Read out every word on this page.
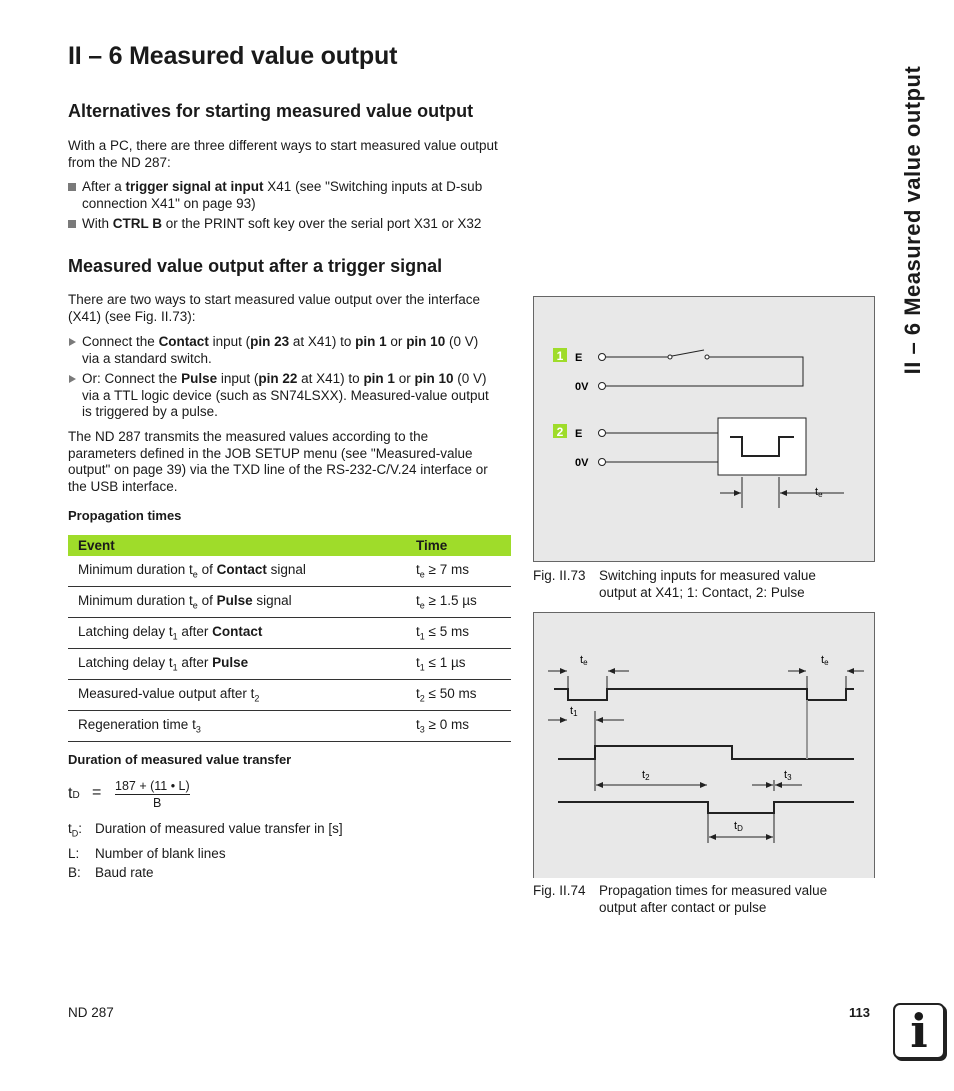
II – 6 Measured value output
II – 6 Measured value output
Alternatives for starting measured value output
With a PC, there are three different ways to start measured value output from the ND 287:
After a trigger signal at input X41 (see "Switching inputs at D-sub
connection X41" on page 93)
With CTRL B or the PRINT soft key over the serial port X31 or X32
Measured value output after a trigger signal
There are two ways to start measured value output over the interface
(X41) (see Fig. II.73):
Connect the Contact input (pin 23 at X41) to pin 1 or pin 10 (0 V)
via a standard switch.
Or: Connect the Pulse input (pin 22 at X41) to pin 1 or pin 10 (0 V)
via a TTL logic device (such as SN74LSXX). Measured-value output
is triggered by a pulse.
The ND 287 transmits the measured values according to the
parameters defined in the JOB SETUP menu (see "Measured-value
output" on page 39) via the TXD line of the RS-232-C/V.24 interface or
the USB interface.
Propagation times
Event	Time
Minimum duration $t_e$ of Contact signal	$t_e \ge 7$ ms
Minimum duration $t_e$ of Pulse signal	$t_e \ge 1.5$ µs
Latching delay $t_1$ after Contact	$t_1 \le 5$ ms
Latching delay $t_1$ after Pulse	$t_1 \le 1$ µs
Measured-value output after $t_2$	$t_2 \le 50$ ms
Regeneration time $t_3$	$t_3 \ge 0$ ms
Duration of measured value transfer
tD = 187 + (11 • L)
B
$t_D$: Duration of measured value transfer in [s]
L: Number of blank lines
B: Baud rate
1 E
0V
2 E
0V
te
Fig. II.73 Switching inputs for measured value
output at X41; 1: Contact, 2: Pulse
te	te
t1
t2	t3
tD
Fig. II.74 Propagation times for measured value
output after contact or pulse
ND 287	113 i
